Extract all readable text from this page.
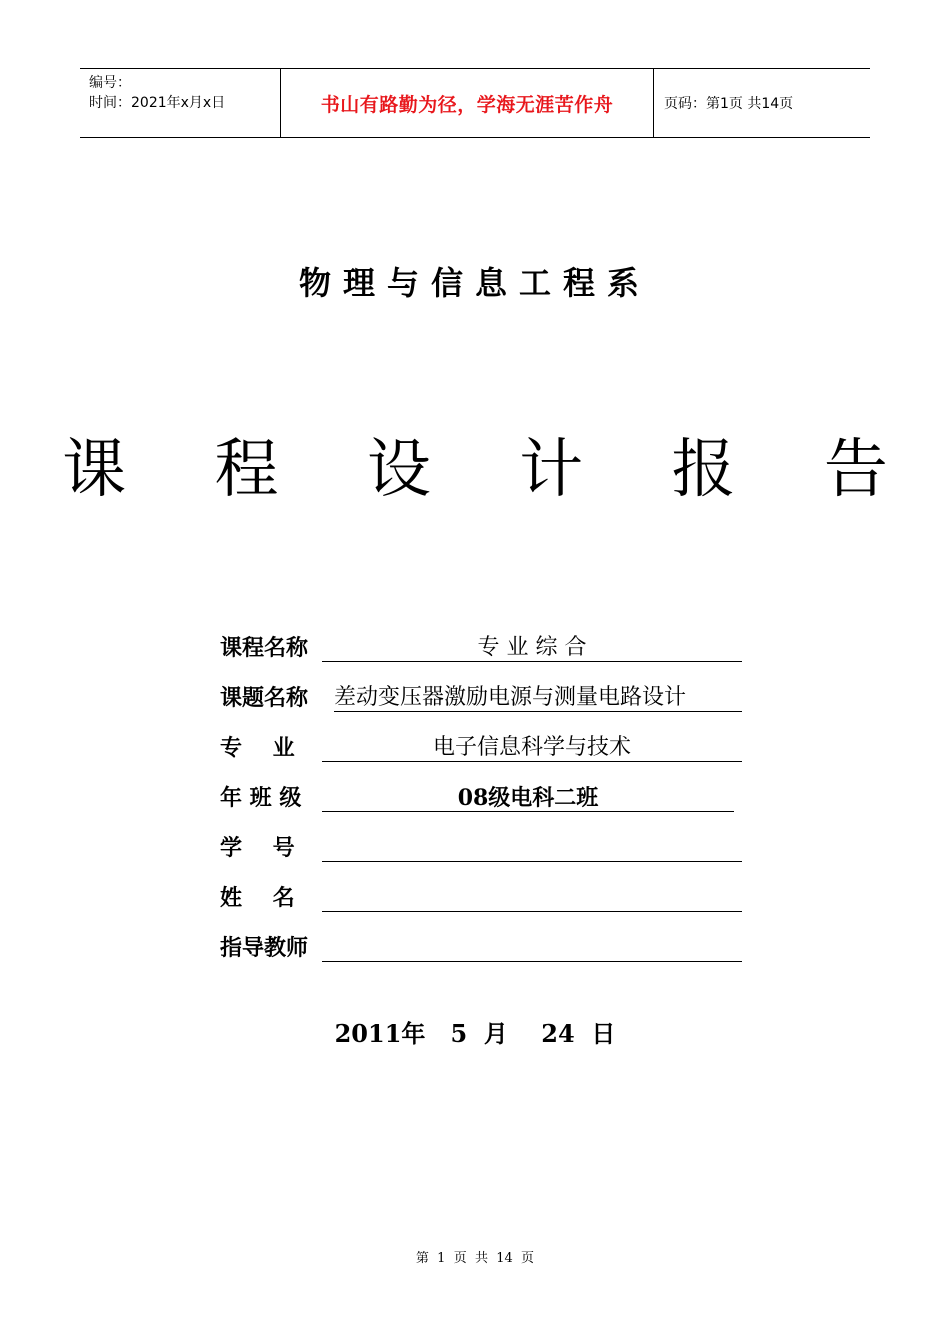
编号：
时间：2021年x月x日	书山有路勤为径，学海无涯苦作舟	页码：第1页 共14页
物理与信息工程系
课 程 设 计 报 告
课程名称	专 业 综 合
课题名称	差动变压器激励电源与测量电路设计
专    业	电子信息科学与技术
年 班 级	08级电科二班
学    号
姓    名
指导教师
2011年   5  月    24  日
第  1  页  共  14  页
